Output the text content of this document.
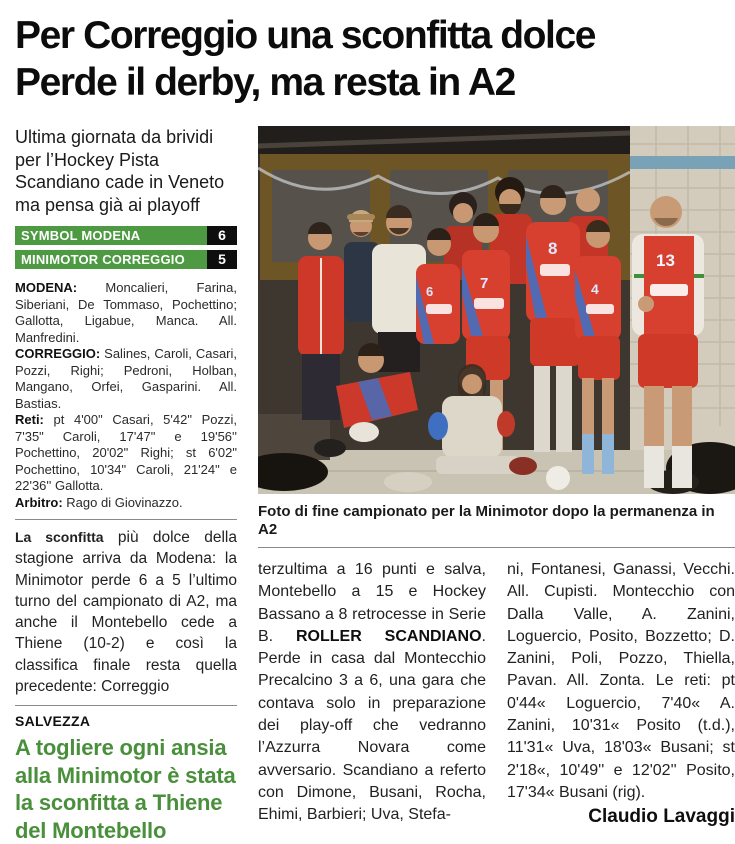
Per Correggio una sconfitta dolce
Perde il derby, ma resta in A2

Ultima giornata da brividi per l’Hockey Pista Scandiano cade in Veneto ma pensa già ai playoff

SYMBOL MODENA	6
MINIMOTOR CORREGGIO	5

MODENA: Moncalieri, Farina, Siberiani, De Tommaso, Pochettino; Gallotta, Ligabue, Manca. All. Manfredini.

CORREGGIO: Salines, Caroli, Casari, Pozzi, Righi; Pedroni, Holban, Mangano, Orfei, Gasparini. All. Bastias.

Reti: pt 4'00" Casari, 5'42" Pozzi, 7'35" Caroli, 17'47" e 19'56'' Pochettino, 20'02" Righi; st 6'02" Pochettino, 10'34" Caroli, 21'24" e 22'36'' Gallotta.

Arbitro: Rago di Giovinazzo.

La sconfitta più dolce della stagione arriva da Modena: la Minimotor perde 6 a 5 l’ultimo turno del campionato di A2, ma anche il Montebello cede a Thiene (10-2) e così la classifica finale resta quella precedente: Correggio

SALVEZZA
A togliere ogni ansia alla Minimotor è stata la sconfitta a Thiene del Montebello
8
6	7	4
13

Foto di fine campionato per la Minimotor dopo la permanenza in A2

terzultima a 16 punti e salva, Montebello a 15 e Hockey Bassano a 8 retrocesse in Serie B. ROLLER SCANDIANO. Perde in casa dal Montecchio Precalcino 3 a 6, una gara che contava solo in preparazione dei play-off che vedranno l’Azzurra Novara come avversario. Scandiano a referto con Dimone, Busani, Rocha, Ehimi, Barbieri; Uva, Stefa-
ni, Fontanesi, Ganassi, Vecchi. All. Cupisti. Montecchio con Dalla Valle, A. Zanini, Loguercio, Posito, Bozzetto; D. Zanini, Poli, Pozzo, Thiella, Pavan. All. Zonta. Le reti: pt 0'44« Loguercio, 7'40« A. Zanini, 10'31« Posito (t.d.), 11'31« Uva, 18'03« Busani; st 2'18«, 10'49'' e 12'02'' Posito, 17'34« Busani (rig).
Claudio Lavaggi
